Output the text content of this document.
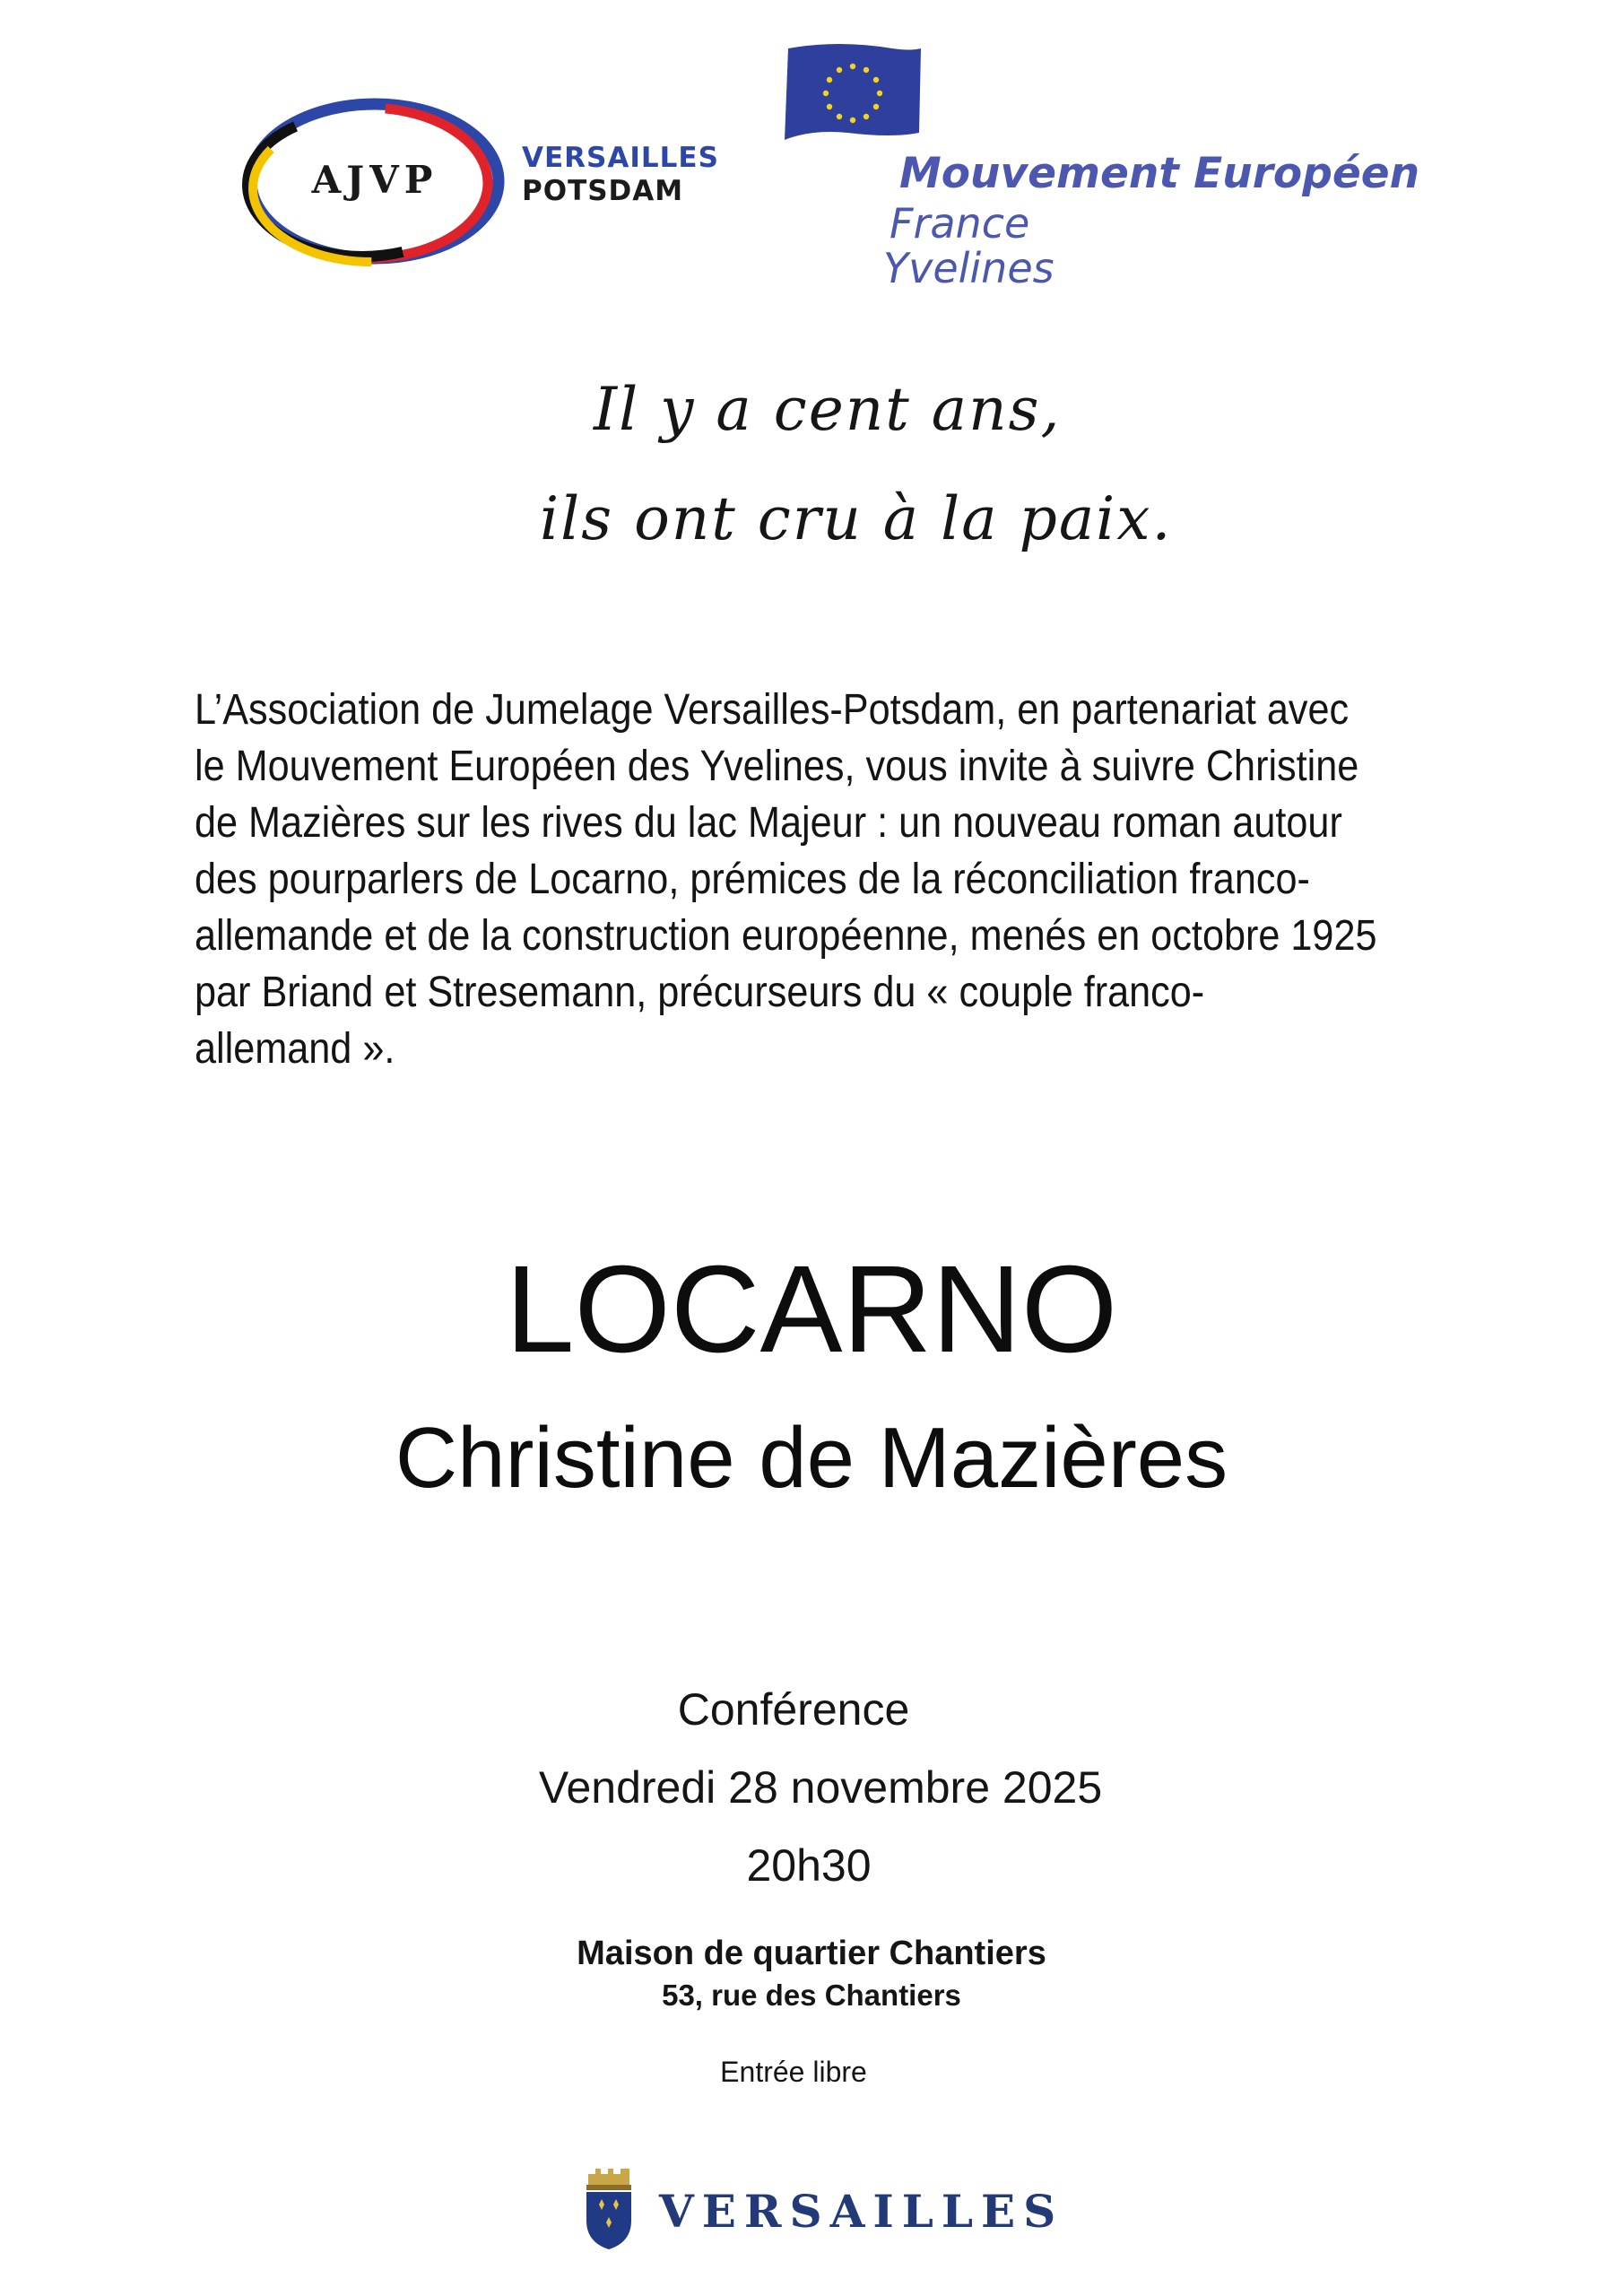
AJVP	VERSAILLES
POTSDAM	Mouvement Européen
France
Yvelines
Il y a cent ans,
ils ont cru à la paix.
L’Association de Jumelage Versailles-Potsdam, en partenariat avec
le Mouvement Européen des Yvelines, vous invite à suivre Christine
de Mazières sur les rives du lac Majeur : un nouveau roman autour
des pourparlers de Locarno, prémices de la réconciliation franco-
allemande et de la construction européenne, menés en octobre 1925
par Briand et Stresemann, précurseurs du « couple franco-
allemand ».
LOCARNO
Christine de Mazières
Conférence
Vendredi 28 novembre 2025
20h30
Maison de quartier Chantiers
53, rue des Chantiers
Entrée libre
VERSAILLES
